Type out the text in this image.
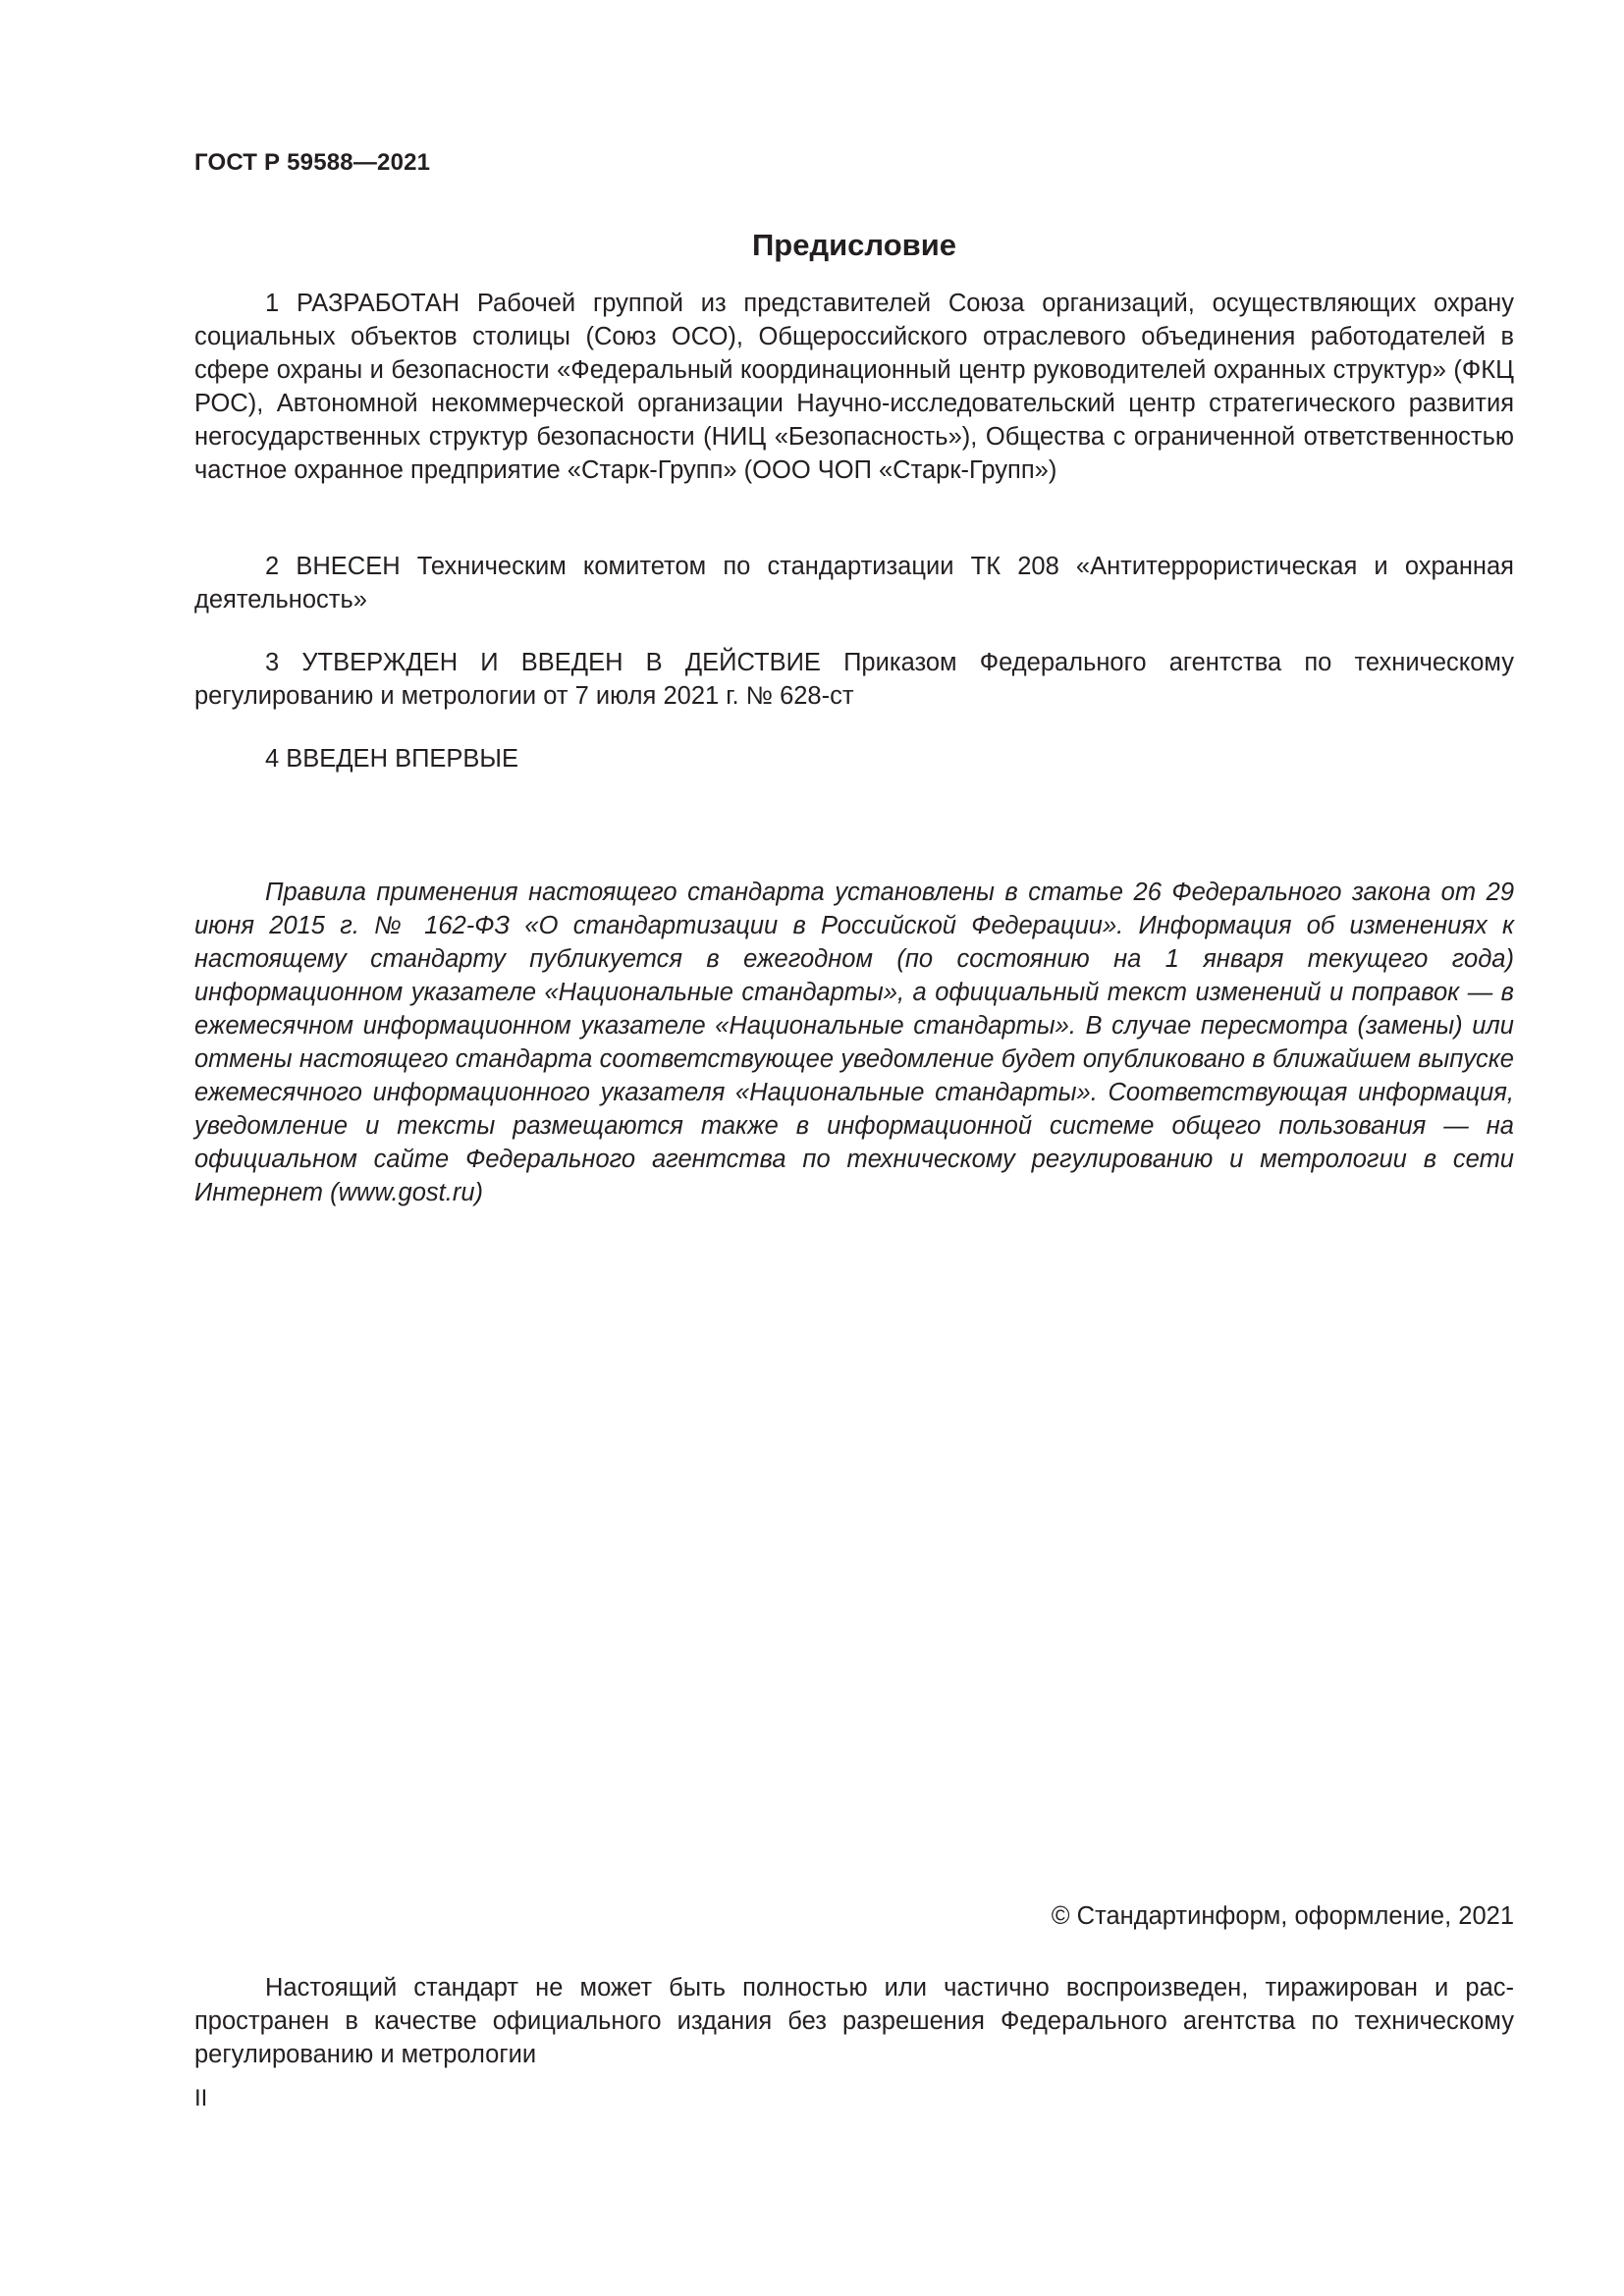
ГОСТ Р 59588—2021

Предисловие

1 РАЗРАБОТАН Рабочей группой из представителей Союза организаций, осуществляющих охрану социальных объектов столицы (Союз ОСО), Общероссийского отраслевого объединения работодателей в сфере охраны и безопасности «Федеральный координационный центр руководителей охранных структур» (ФКЦ РОС), Автономной некоммерческой организации Научно-исследовательский центр стратегического развития негосударственных структур безопасности (НИЦ «Безопасность»), Общества с ограниченной ответственностью частное охранное предприятие «Старк-Групп» (ООО ЧОП «Старк-Групп»)

2 ВНЕСЕН Техническим комитетом по стандартизации ТК 208 «Антитеррористическая и охранная деятельность»

3 УТВЕРЖДЕН И ВВЕДЕН В ДЕЙСТВИЕ Приказом Федерального агентства по техническому регулированию и метрологии от 7 июля 2021 г. № 628-ст

4 ВВЕДЕН ВПЕРВЫЕ

Правила применения настоящего стандарта установлены в статье 26 Федерального закона от 29 июня 2015 г. № 162-ФЗ «О стандартизации в Российской Федерации». Информация об изменениях к настоящему стандарту публикуется в ежегодном (по состоянию на 1 января текущего года) информационном указателе «Национальные стандарты», а официальный текст изменений и поправок — в ежемесячном информационном указателе «Национальные стандарты». В случае пересмотра (замены) или отмены настоящего стандарта соответствующее уведомление будет опубликовано в ближайшем выпуске ежемесячного информационного указателя «Национальные стандарты». Соответствующая информация, уведомление и тексты размещаются также в информационной системе общего пользования — на официальном сайте Федерального агентства по техническому регулированию и метрологии в сети Интернет (www.gost.ru)

© Стандартинформ, оформление, 2021

Настоящий стандарт не может быть полностью или частично воспроизведен, тиражирован и распространен в качестве официального издания без разрешения Федерального агентства по техническому регулированию и метрологии

II
